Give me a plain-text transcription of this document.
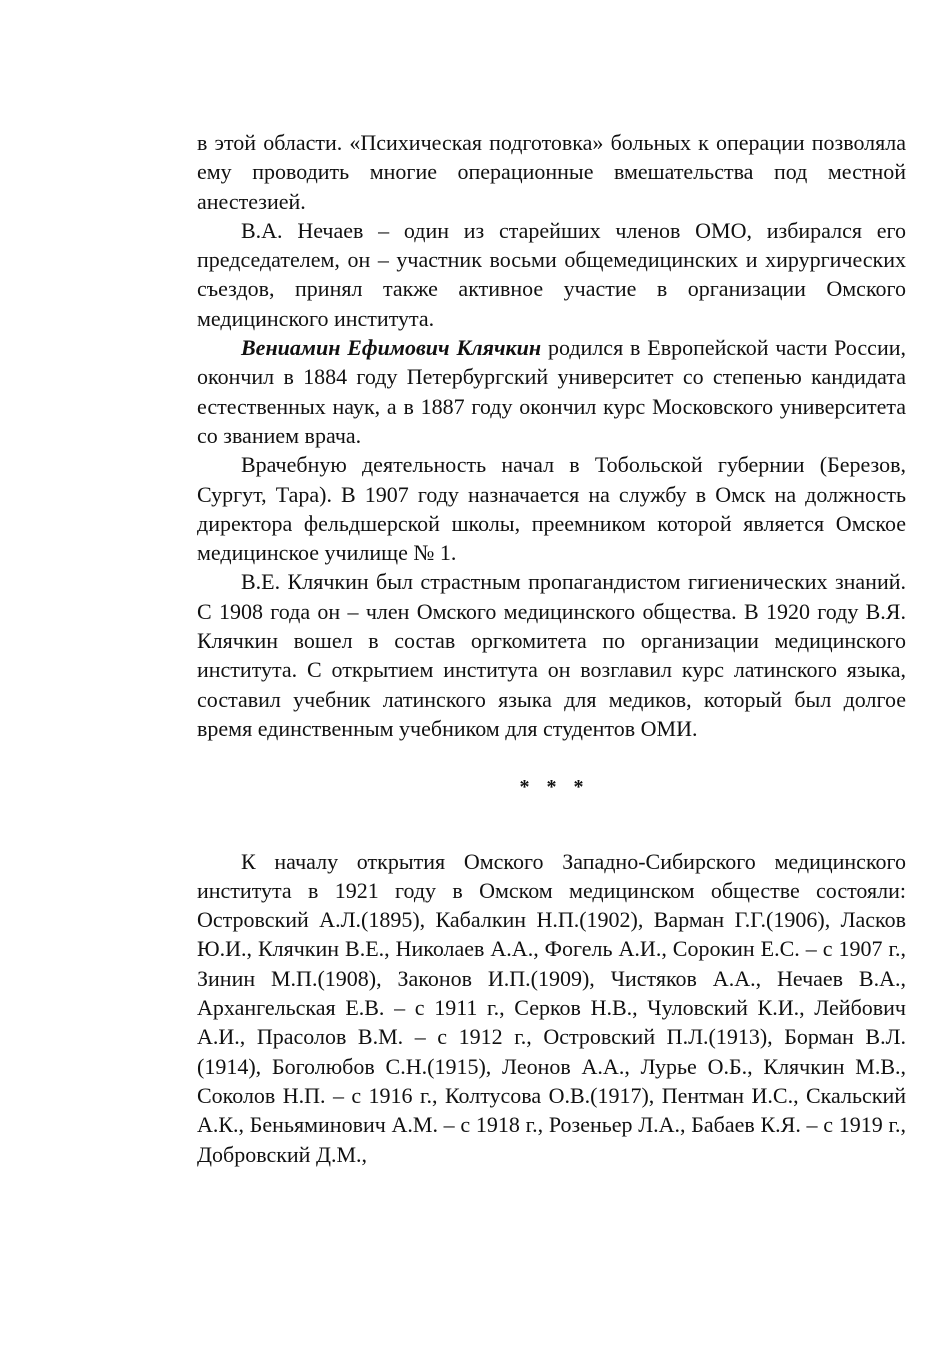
в этой области. «Психическая подготовка» больных к операции позволяла ему проводить многие операционные вмешательства под местной анестезией.

В.А. Нечаев – один из старейших членов ОМО, избирался его председателем, он – участник восьми общемедицинских и хирургических съездов, принял также активное участие в организации Омского медицинского института.

Вениамин Ефимович Клячкин родился в Европейской части России, окончил в 1884 году Петербургский университет со степенью кандидата естественных наук, а в 1887 году окончил курс Московского университета со званием врача.

Врачебную деятельность начал в Тобольской губернии (Березов, Сургут, Тара). В 1907 году назначается на службу в Омск на должность директора фельдшерской школы, преемником которой является Омское медицинское училище № 1.

В.Е. Клячкин был страстным пропагандистом гигиенических знаний. С 1908 года он – член Омского медицинского общества. В 1920 году В.Я. Клячкин вошел в состав оргкомитета по организации медицинского института. С открытием института он возглавил курс латинского языка, составил учебник латинского языка для медиков, который был долгое время единственным учебником для студентов ОМИ.

* * *

К началу открытия Омского Западно-Сибирского медицинского института в 1921 году в Омском медицинском обществе состояли: Островский А.Л.(1895), Кабалкин Н.П.(1902), Варман Г.Г.(1906), Ласков Ю.И., Клячкин В.Е., Николаев А.А., Фогель А.И., Сорокин Е.С. – с 1907 г., Зинин М.П.(1908), Законов И.П.(1909), Чистяков А.А., Нечаев В.А., Архангельская Е.В. – с 1911 г., Серков Н.В., Чуловский К.И., Лейбович А.И., Прасолов В.М. – с 1912 г., Островский П.Л.(1913), Борман В.Л.(1914), Боголюбов С.Н.(1915), Леонов А.А., Лурье О.Б., Клячкин М.В., Соколов Н.П. – с 1916 г., Колтусова О.В.(1917), Пентман И.С., Скальский А.К., Беньяминович А.М. – с 1918 г., Розеньер Л.А., Бабаев К.Я. – с 1919 г., Добровский Д.М.,
